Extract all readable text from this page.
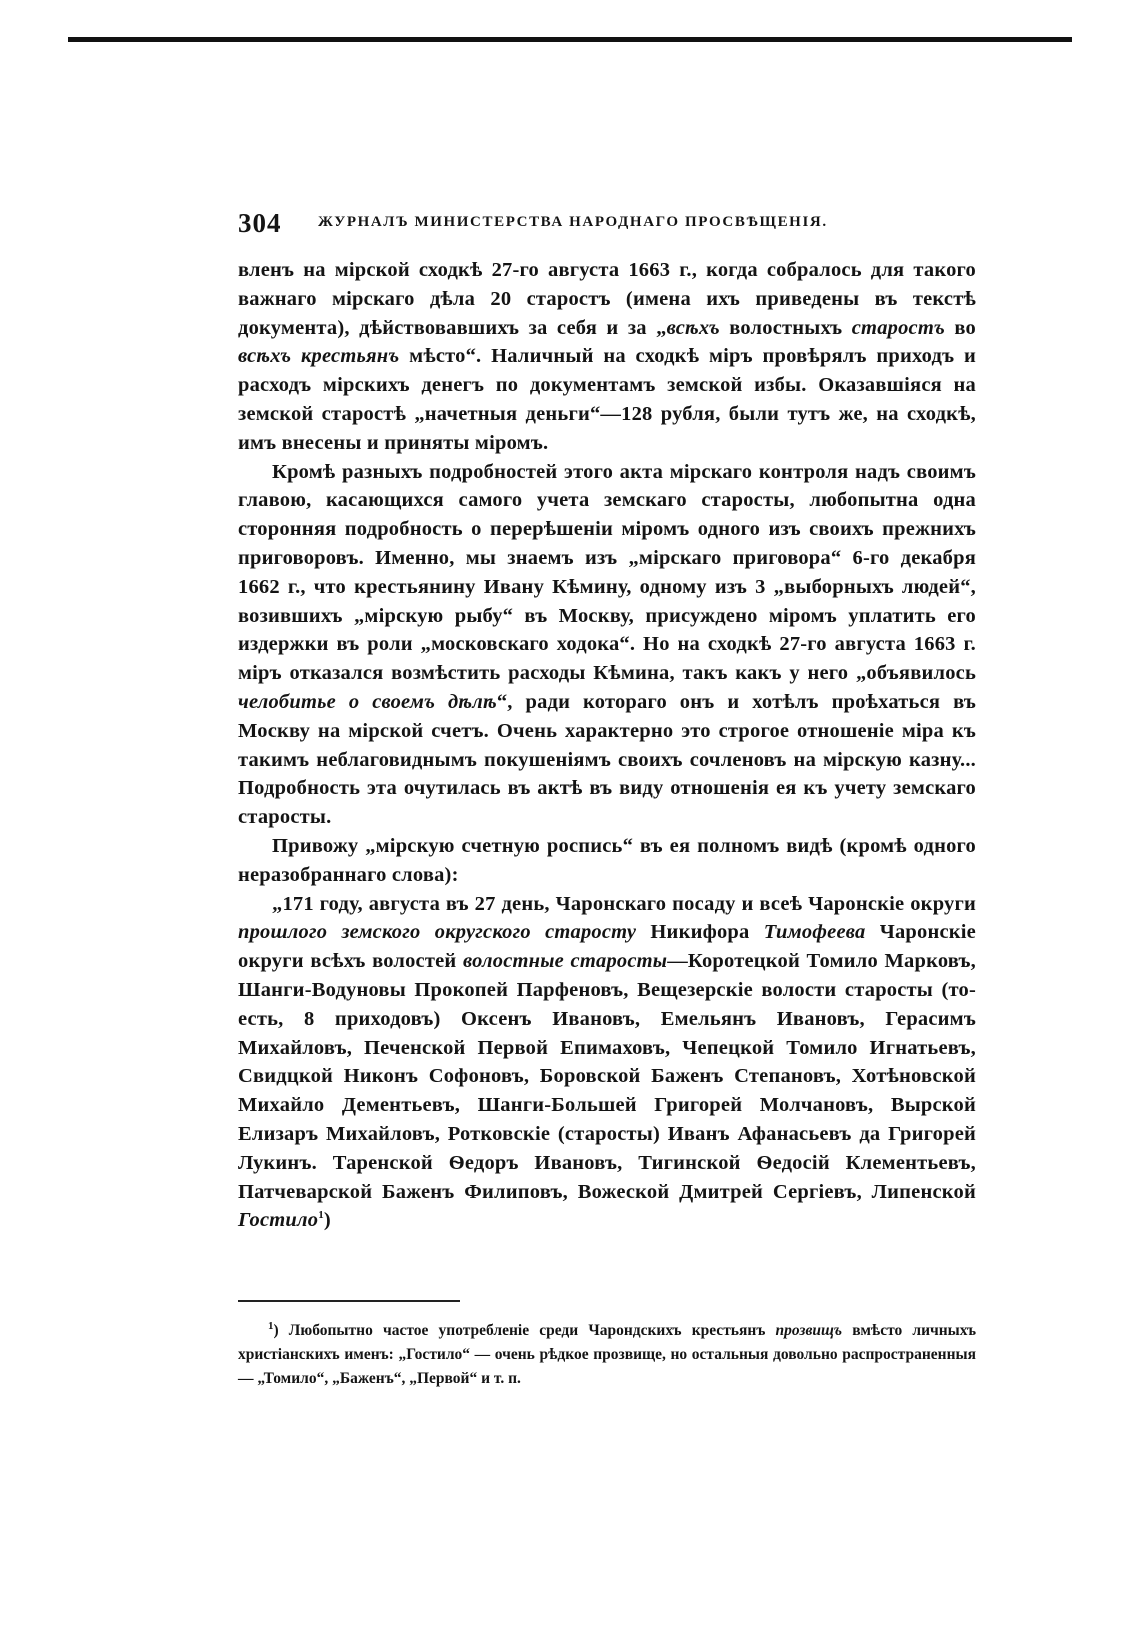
304 ЖУРНАЛЪ МИНИСТЕРСТВА НАРОДНАГО ПРОСВѢЩЕНІЯ.

вленъ на мірской сходкѣ 27-го августа 1663 г., когда собралось для такого важнаго мірскаго дѣла 20 старостъ (имена ихъ приведены въ текстѣ документа), дѣйствовавшихъ за себя и за „всѣхъ волостныхъ старостъ во всѣхъ крестьянъ мѣсто“. Наличный на сходкѣ міръ провѣрялъ приходъ и расходъ мірскихъ денегъ по документамъ земской избы. Оказавшіяся на земской старостѣ „начетныя деньги“—128 рубля, были тутъ же, на сходкѣ, имъ внесены и приняты міромъ.

Кромѣ разныхъ подробностей этого акта мірскаго контроля надъ своимъ главою, касающихся самого учета земскаго старосты, любопытна одна сторонняя подробность о перерѣшеніи міромъ одного изъ своихъ прежнихъ приговоровъ. Именно, мы знаемъ изъ „мірскаго приговора“ 6-го декабря 1662 г., что крестьянину Ивану Кѣмину, одному изъ 3 „выборныхъ людей“, возившихъ „мірскую рыбу“ въ Москву, присуждено міромъ уплатить его издержки въ роли „московскаго ходока“. Но на сходкѣ 27-го августа 1663 г. міръ отказался возмѣстить расходы Кѣмина, такъ какъ у него „объявилось челобитье о своемъ дѣлѣ“, ради котораго онъ и хотѣлъ проѣхаться въ Москву на мірской счетъ. Очень характерно это строгое отношеніе міра къ такимъ неблаговиднымъ покушеніямъ своихъ сочленовъ на мірскую казну... Подробность эта очутилась въ актѣ въ виду отношенія ея къ учету земскаго старосты.

Привожу „мірскую счетную роспись“ въ ея полномъ видѣ (кромѣ одного неразобраннаго слова):

„171 году, августа въ 27 день, Чаронскаго посаду и всеѣ Чаронскіе округи прошлого земского округского старосту Никифора Тимофеева Чаронскіе округи всѣхъ волостей волостные старосты—Коротецкой Томило Марковъ, Шанги-Водуновы Прокопей Парфеновъ, Вещезерскіе волости старосты (то-есть, 8 приходовъ) Оксенъ Ивановъ, Емельянъ Ивановъ, Герасимъ Михайловъ, Печенской Первой Епимаховъ, Чепецкой Томило Игнатьевъ, Свидцкой Никонъ Софоновъ, Боровской Баженъ Степановъ, Хотѣновской Михайло Дементьевъ, Шанги-Большей Григорей Молчановъ, Вырской Елизаръ Михайловъ, Ротковскіе (старосты) Иванъ Афанасьевъ да Григорей Лукинъ. Таренской Ѳедоръ Ивановъ, Тигинской Ѳедосій Клементьевъ, Патчеварской Баженъ Филиповъ, Вожеской Дмитрей Сергіевъ, Липенской Гостило$^1$)

$^1$) Любопытно частое употребленіе среди Чарондскихъ крестьянъ прозвищъ вмѣсто личныхъ христіанскихъ именъ: „Гостило“ — очень рѣдкое прозвище, но остальныя довольно распространенныя — „Томило“, „Баженъ“, „Первой“ и т. п.
